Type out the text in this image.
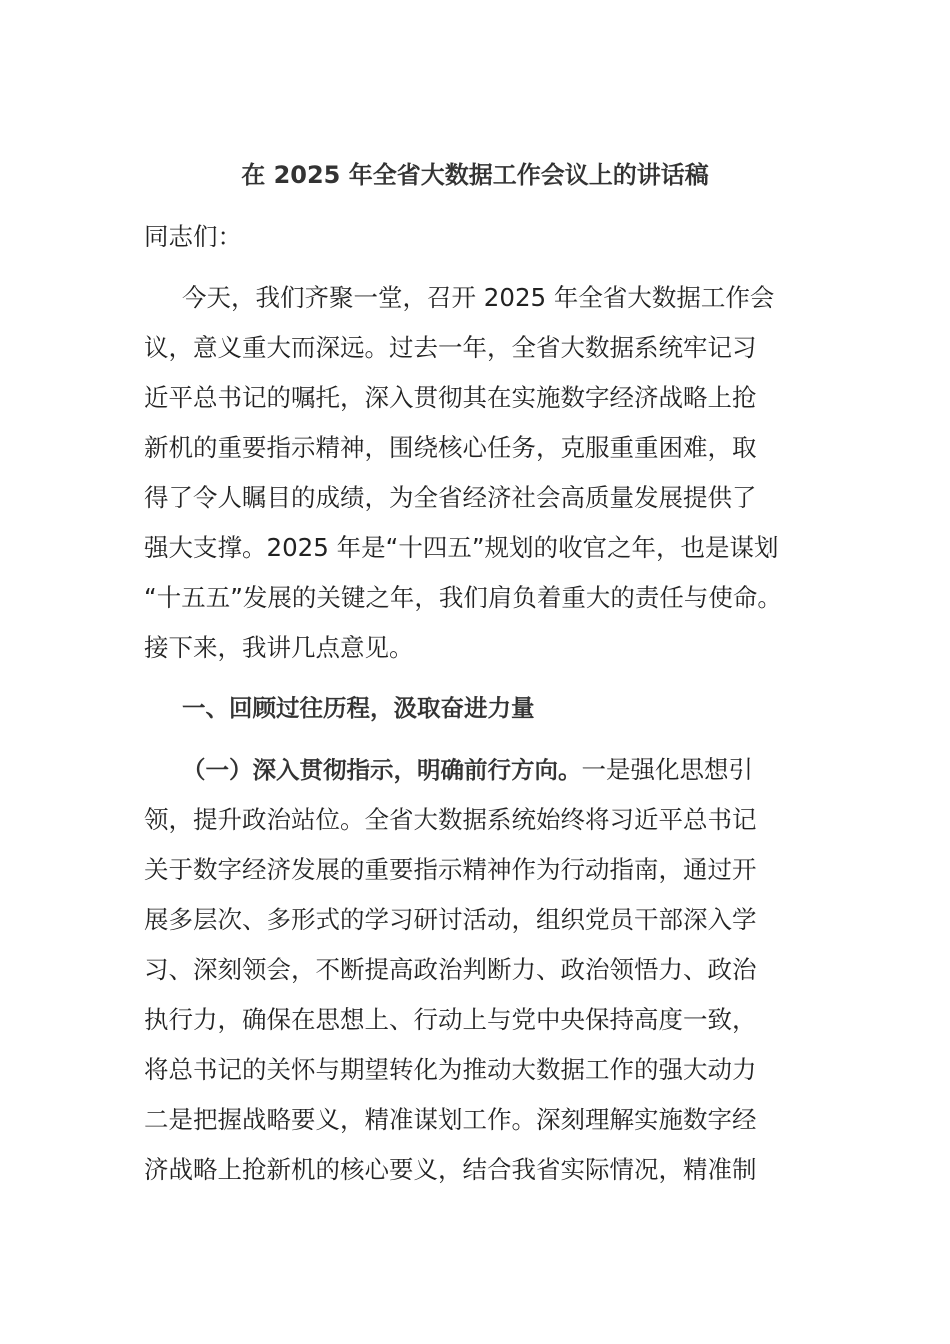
在 2025 年全省大数据工作会议上的讲话稿
同志们：
今天，我们齐聚一堂，召开 2025 年全省大数据工作会
议，意义重大而深远。过去一年，全省大数据系统牢记习
近平总书记的嘱托，深入贯彻其在实施数字经济战略上抢
新机的重要指示精神，围绕核心任务，克服重重困难，取
得了令人瞩目的成绩，为全省经济社会高质量发展提供了
强大支撑。2025 年是“十四五”规划的收官之年，也是谋划
“十五五”发展的关键之年，我们肩负着重大的责任与使命。
接下来，我讲几点意见。
一、回顾过往历程，汲取奋进力量
（一）深入贯彻指示，明确前行方向。一是强化思想引
领，提升政治站位。全省大数据系统始终将习近平总书记
关于数字经济发展的重要指示精神作为行动指南，通过开
展多层次、多形式的学习研讨活动，组织党员干部深入学
习、深刻领会，不断提高政治判断力、政治领悟力、政治
执行力，确保在思想上、行动上与党中央保持高度一致，
将总书记的关怀与期望转化为推动大数据工作的强大动力
二是把握战略要义，精准谋划工作。深刻理解实施数字经
济战略上抢新机的核心要义，结合我省实际情况，精准制
